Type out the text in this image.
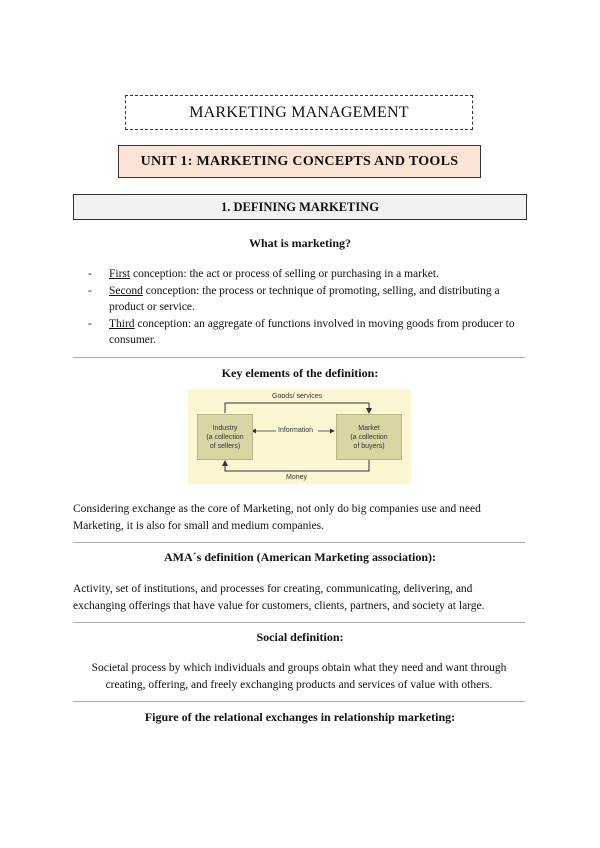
MARKETING MANAGEMENT
UNIT 1: MARKETING CONCEPTS AND TOOLS
1. DEFINING MARKETING
What is marketing?
- First conception: the act or process of selling or purchasing in a market.
- Second conception: the process or technique of promoting, selling, and distributing a product or service.
- Third conception: an aggregate of functions involved in moving goods from producer to consumer.
Key elements of the definition:
Goods/ services
Industry
(a collection
of sellers)
Information	Market
(a collection
of buyers)
Money
Considering exchange as the core of Marketing, not only do big companies use and need Marketing, it is also for small and medium companies.
AMA´s definition (American Marketing association):
Activity, set of institutions, and processes for creating, communicating, delivering, and exchanging offerings that have value for customers, clients, partners, and society at large.
Social definition:
Societal process by which individuals and groups obtain what they need and want through creating, offering, and freely exchanging products and services of value with others.
Figure of the relational exchanges in relationship marketing:
